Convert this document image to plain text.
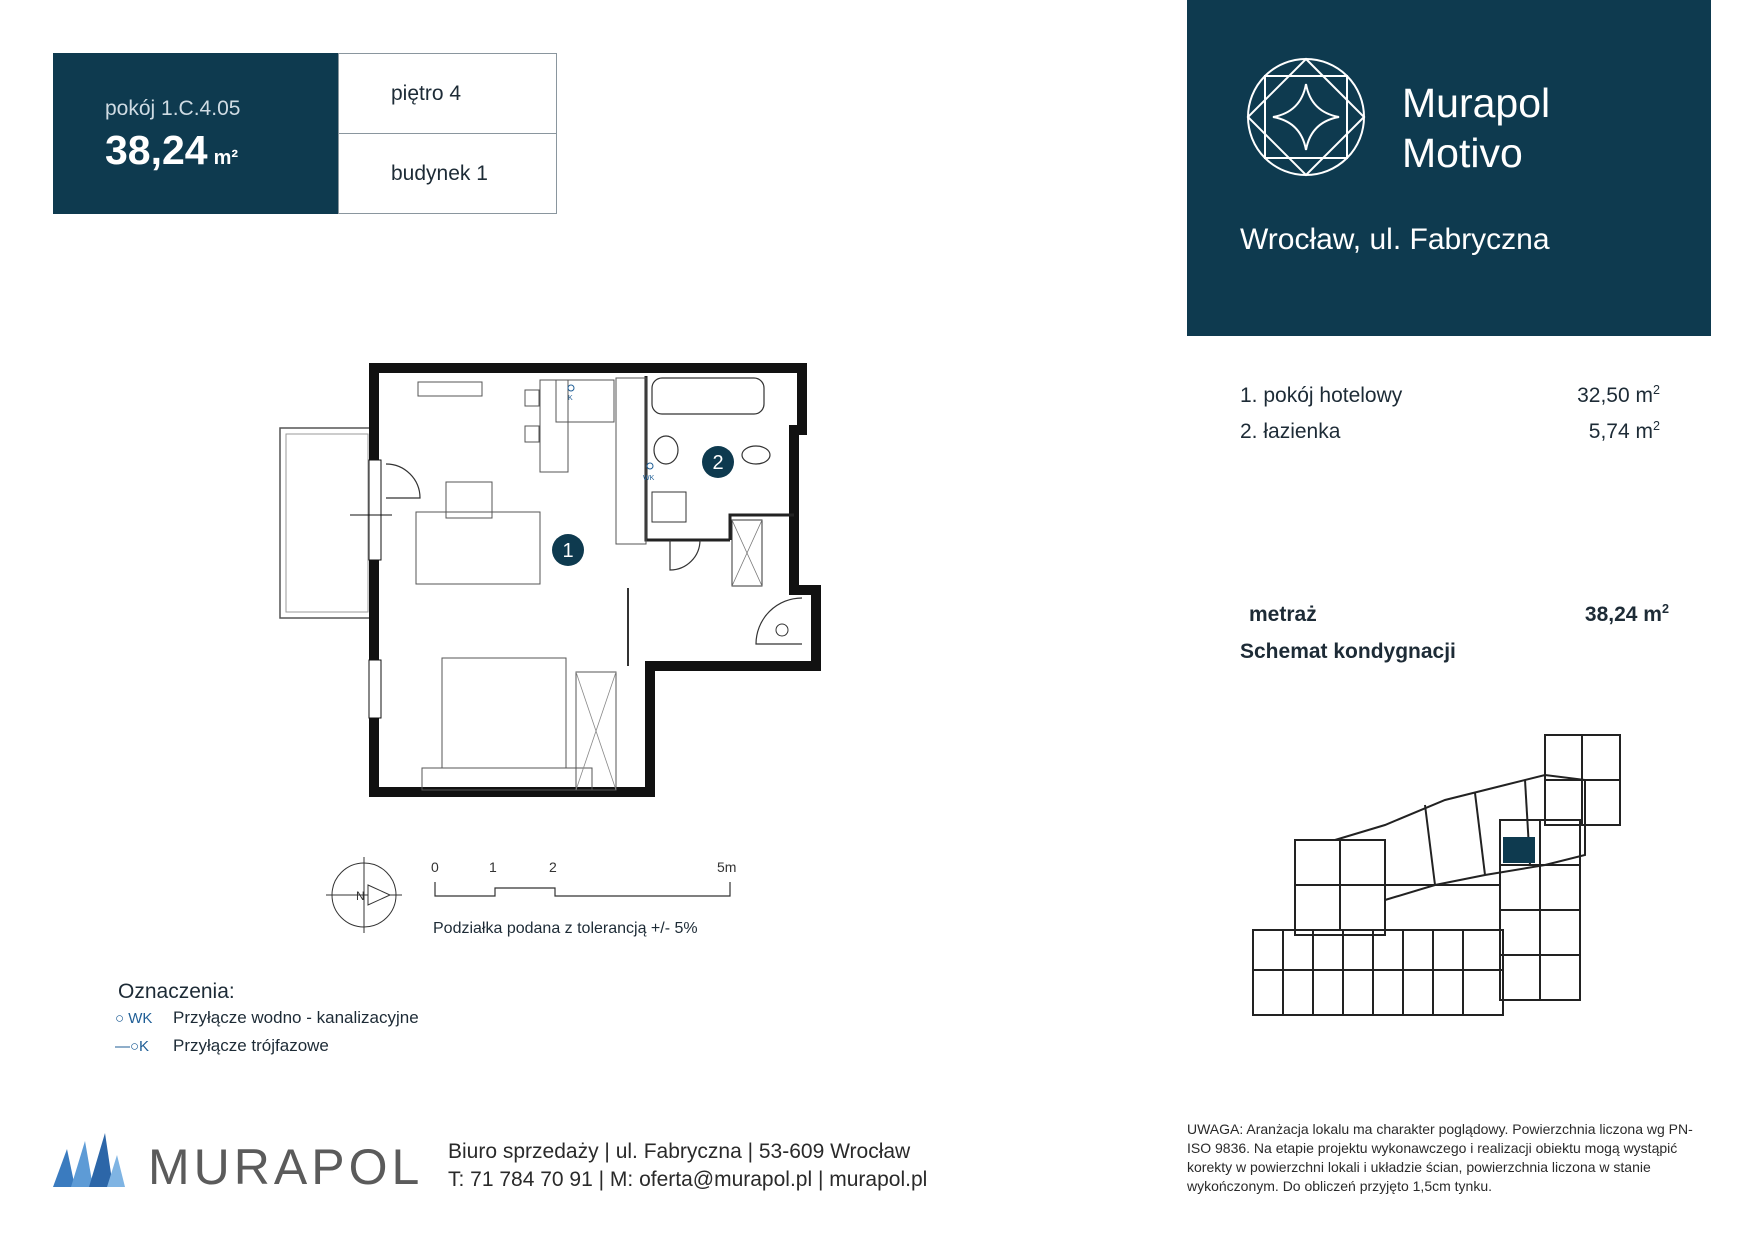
pokój 1.C.4.05
38,24 m²
piętro 4
budynek 1
Murapol
Motivo
Wrocław, ul. Fabryczna
1. pokój hotelowy	32,50 $m^2$
2. łazienka	5,74 $m^2$
metraż	38,24 $m^2$
Schemat kondygnacji
WK
K
1
2
N
0	1	2	5m
Podziałka podana z tolerancją +/- 5%
Oznaczenia:
○ WK Przyłącze wodno - kanalizacyjne
—○K Przyłącze trójfazowe
MURAPOL Biuro sprzedaży | ul. Fabryczna | 53-609 Wrocław
T: 71 784 70 91 | M: oferta@murapol.pl | murapol.pl
UWAGA: Aranżacja lokalu ma charakter poglądowy. Powierzchnia liczona wg PN-ISO 9836. Na etapie projektu wykonawczego i realizacji obiektu mogą wystąpić korekty w powierzchni lokali i układzie ścian, powierzchnia liczona w stanie wykończonym. Do obliczeń przyjęto 1,5cm tynku.
